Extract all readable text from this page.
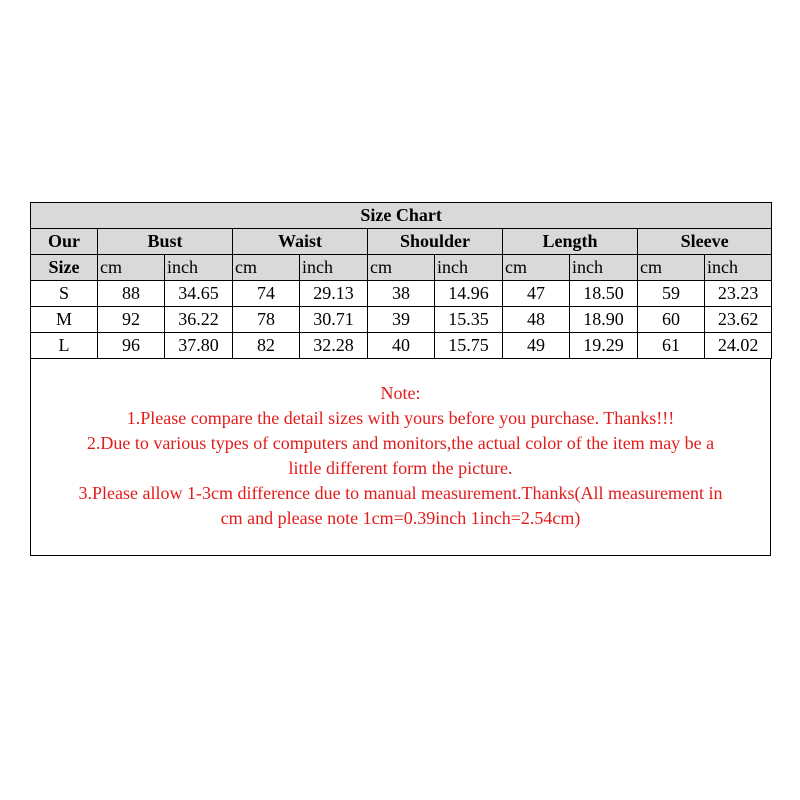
Size Chart										
Our	Bust		Waist		Shoulder		Length		Sleeve	
Size	cm	inch	cm	inch	cm	inch	cm	inch	cm	inch
S	88	34.65	74	29.13	38	14.96	47	18.50	59	23.23
M	92	36.22	78	30.71	39	15.35	48	18.90	60	23.62
L	96	37.80	82	32.28	40	15.75	49	19.29	61	24.02
Note:
1.Please compare the detail sizes with yours before you purchase. Thanks!!!
2.Due to various types of computers and monitors,the actual color of the item may be a
little different form the picture.
3.Please allow 1-3cm difference due to manual measurement.Thanks(All measurement in
cm and please note 1cm=0.39inch 1inch=2.54cm)
